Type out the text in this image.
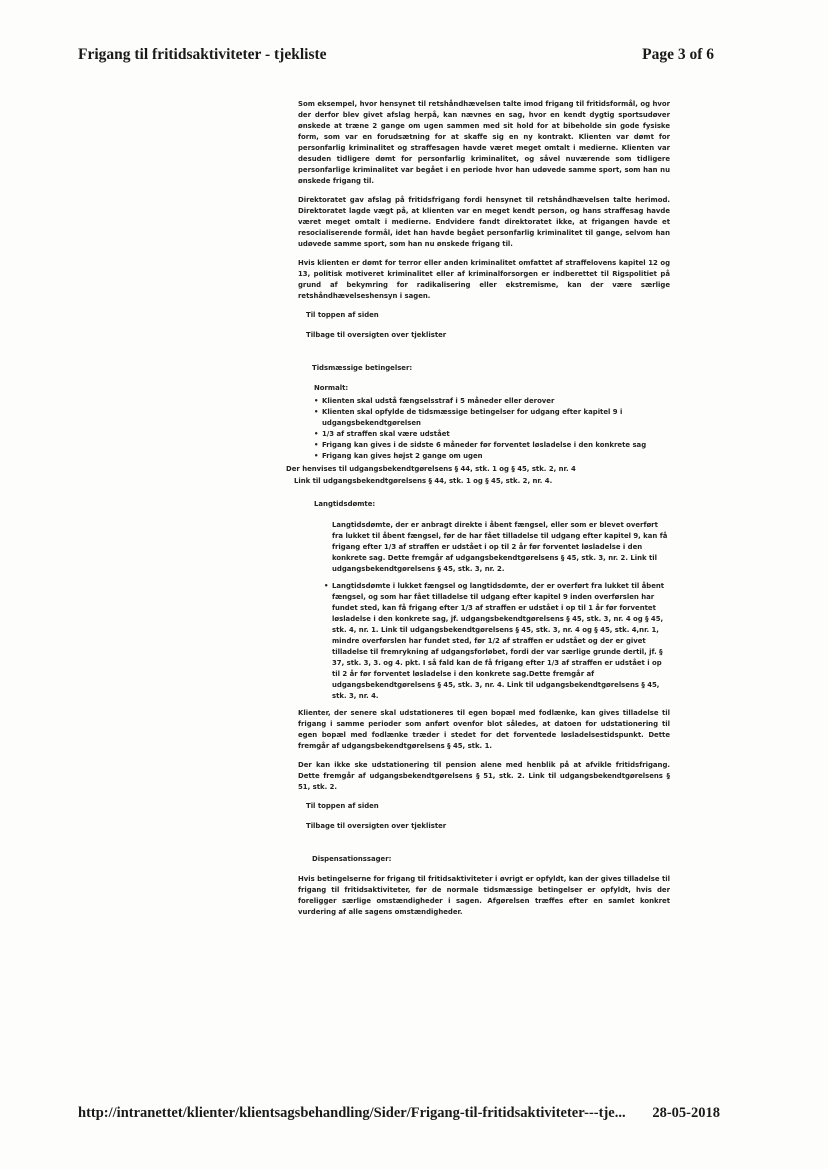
Frigang til fritidsaktiviteter - tjekliste	Page 3 of 6

Som eksempel, hvor hensynet til retshåndhævelsen talte imod frigang til fritidsformål, og hvor der derfor blev givet afslag herpå, kan nævnes en sag, hvor en kendt dygtig sportsudøver ønskede at træne 2 gange om ugen sammen med sit hold for at bibeholde sin gode fysiske form, som var en forudsætning for at skaffe sig en ny kontrakt. Klienten var dømt for personfarlig kriminalitet og straffesagen havde været meget omtalt i medierne. Klienten var desuden tidligere dømt for personfarlig kriminalitet, og såvel nuværende som tidligere personfarlige kriminalitet var begået i en periode hvor han udøvede samme sport, som han nu ønskede frigang til.

Direktoratet gav afslag på fritidsfrigang fordi hensynet til retshåndhævelsen talte herimod. Direktoratet lagde vægt på, at klienten var en meget kendt person, og hans straffesag havde været meget omtalt i medierne. Endvidere fandt direktoratet ikke, at frigangen havde et resocialiserende formål, idet han havde begået personfarlig kriminalitet til gange, selvom han udøvede samme sport, som han nu ønskede frigang til.

Hvis klienten er dømt for terror eller anden kriminalitet omfattet af straffelovens kapitel 12 og 13, politisk motiveret kriminalitet eller af kriminalforsorgen er indberettet til Rigspolitiet på grund af bekymring for radikalisering eller ekstremisme, kan der være særlige retshåndhævelseshensyn i sagen.

Til toppen af siden
Tilbage til oversigten over tjeklister
Tidsmæssige betingelser:
Normalt:
• Klienten skal udstå fængselsstraf i 5 måneder eller derover
• Klienten skal opfylde de tidsmæssige betingelser for udgang efter kapitel 9 i udgangsbekendtgørelsen
• 1/3 af straffen skal være udstået
• Frigang kan gives i de sidste 6 måneder før forventet løsladelse i den konkrete sag
• Frigang kan gives højst 2 gange om ugen
Der henvises til udgangsbekendtgørelsens § 44, stk. 1 og § 45, stk. 2, nr. 4
Link til udgangsbekendtgørelsens § 44, stk. 1 og § 45, stk. 2, nr. 4.
Langtidsdømte:
Langtidsdømte, der er anbragt direkte i åbent fængsel, eller som er blevet overført fra lukket til åbent fængsel, før de har fået tilladelse til udgang efter kapitel 9, kan få frigang efter 1/3 af straffen er udstået i op til 2 år før forventet løsladelse i den konkrete sag. Dette fremgår af udgangsbekendtgørelsens § 45, stk. 3, nr. 2. Link til udgangsbekendtgørelsens § 45, stk. 3, nr. 2.
• Langtidsdømte i lukket fængsel og langtidsdømte, der er overført fra lukket til åbent fængsel, og som har fået tilladelse til udgang efter kapitel 9 inden overførslen har fundet sted, kan få frigang efter 1/3 af straffen er udstået i op til 1 år før forventet løsladelse i den konkrete sag, jf. udgangsbekendtgørelsens § 45, stk. 3, nr. 4 og § 45, stk. 4, nr. 1. Link til udgangsbekendtgørelsens § 45, stk. 3, nr. 4 og § 45, stk. 4,nr. 1, mindre overførslen har fundet sted, før 1/2 af straffen er udstået og der er givet tilladelse til fremrykning af udgangsforløbet, fordi der var særlige grunde dertil, jf. § 37, stk. 3, 3. og 4. pkt. I så fald kan de få frigang efter 1/3 af straffen er udstået i op til 2 år før forventet løsladelse i den konkrete sag.Dette fremgår af udgangsbekendtgørelsens § 45, stk. 3, nr. 4. Link til udgangsbekendtgørelsens § 45, stk. 3, nr. 4.

Klienter, der senere skal udstationeres til egen bopæl med fodlænke, kan gives tilladelse til frigang i samme perioder som anført ovenfor blot således, at datoen for udstationering til egen bopæl med fodlænke træder i stedet for det forventede løsladelsestidspunkt. Dette fremgår af udgangsbekendtgørelsens § 45, stk. 1.

Der kan ikke ske udstationering til pension alene med henblik på at afvikle fritidsfrigang. Dette fremgår af udgangsbekendtgørelsens § 51, stk. 2. Link til udgangsbekendtgørelsens § 51, stk. 2.

Til toppen af siden
Tilbage til oversigten over tjeklister
Dispensationssager:

Hvis betingelserne for frigang til fritidsaktiviteter i øvrigt er opfyldt, kan der gives tilladelse til frigang til fritidsaktiviteter, før de normale tidsmæssige betingelser er opfyldt, hvis der foreligger særlige omstændigheder i sagen. Afgørelsen træffes efter en samlet konkret vurdering af alle sagens omstændigheder.

http://intranettet/klienter/klientsagsbehandling/Sider/Frigang-til-fritidsaktiviteter---tje... 28-05-2018
